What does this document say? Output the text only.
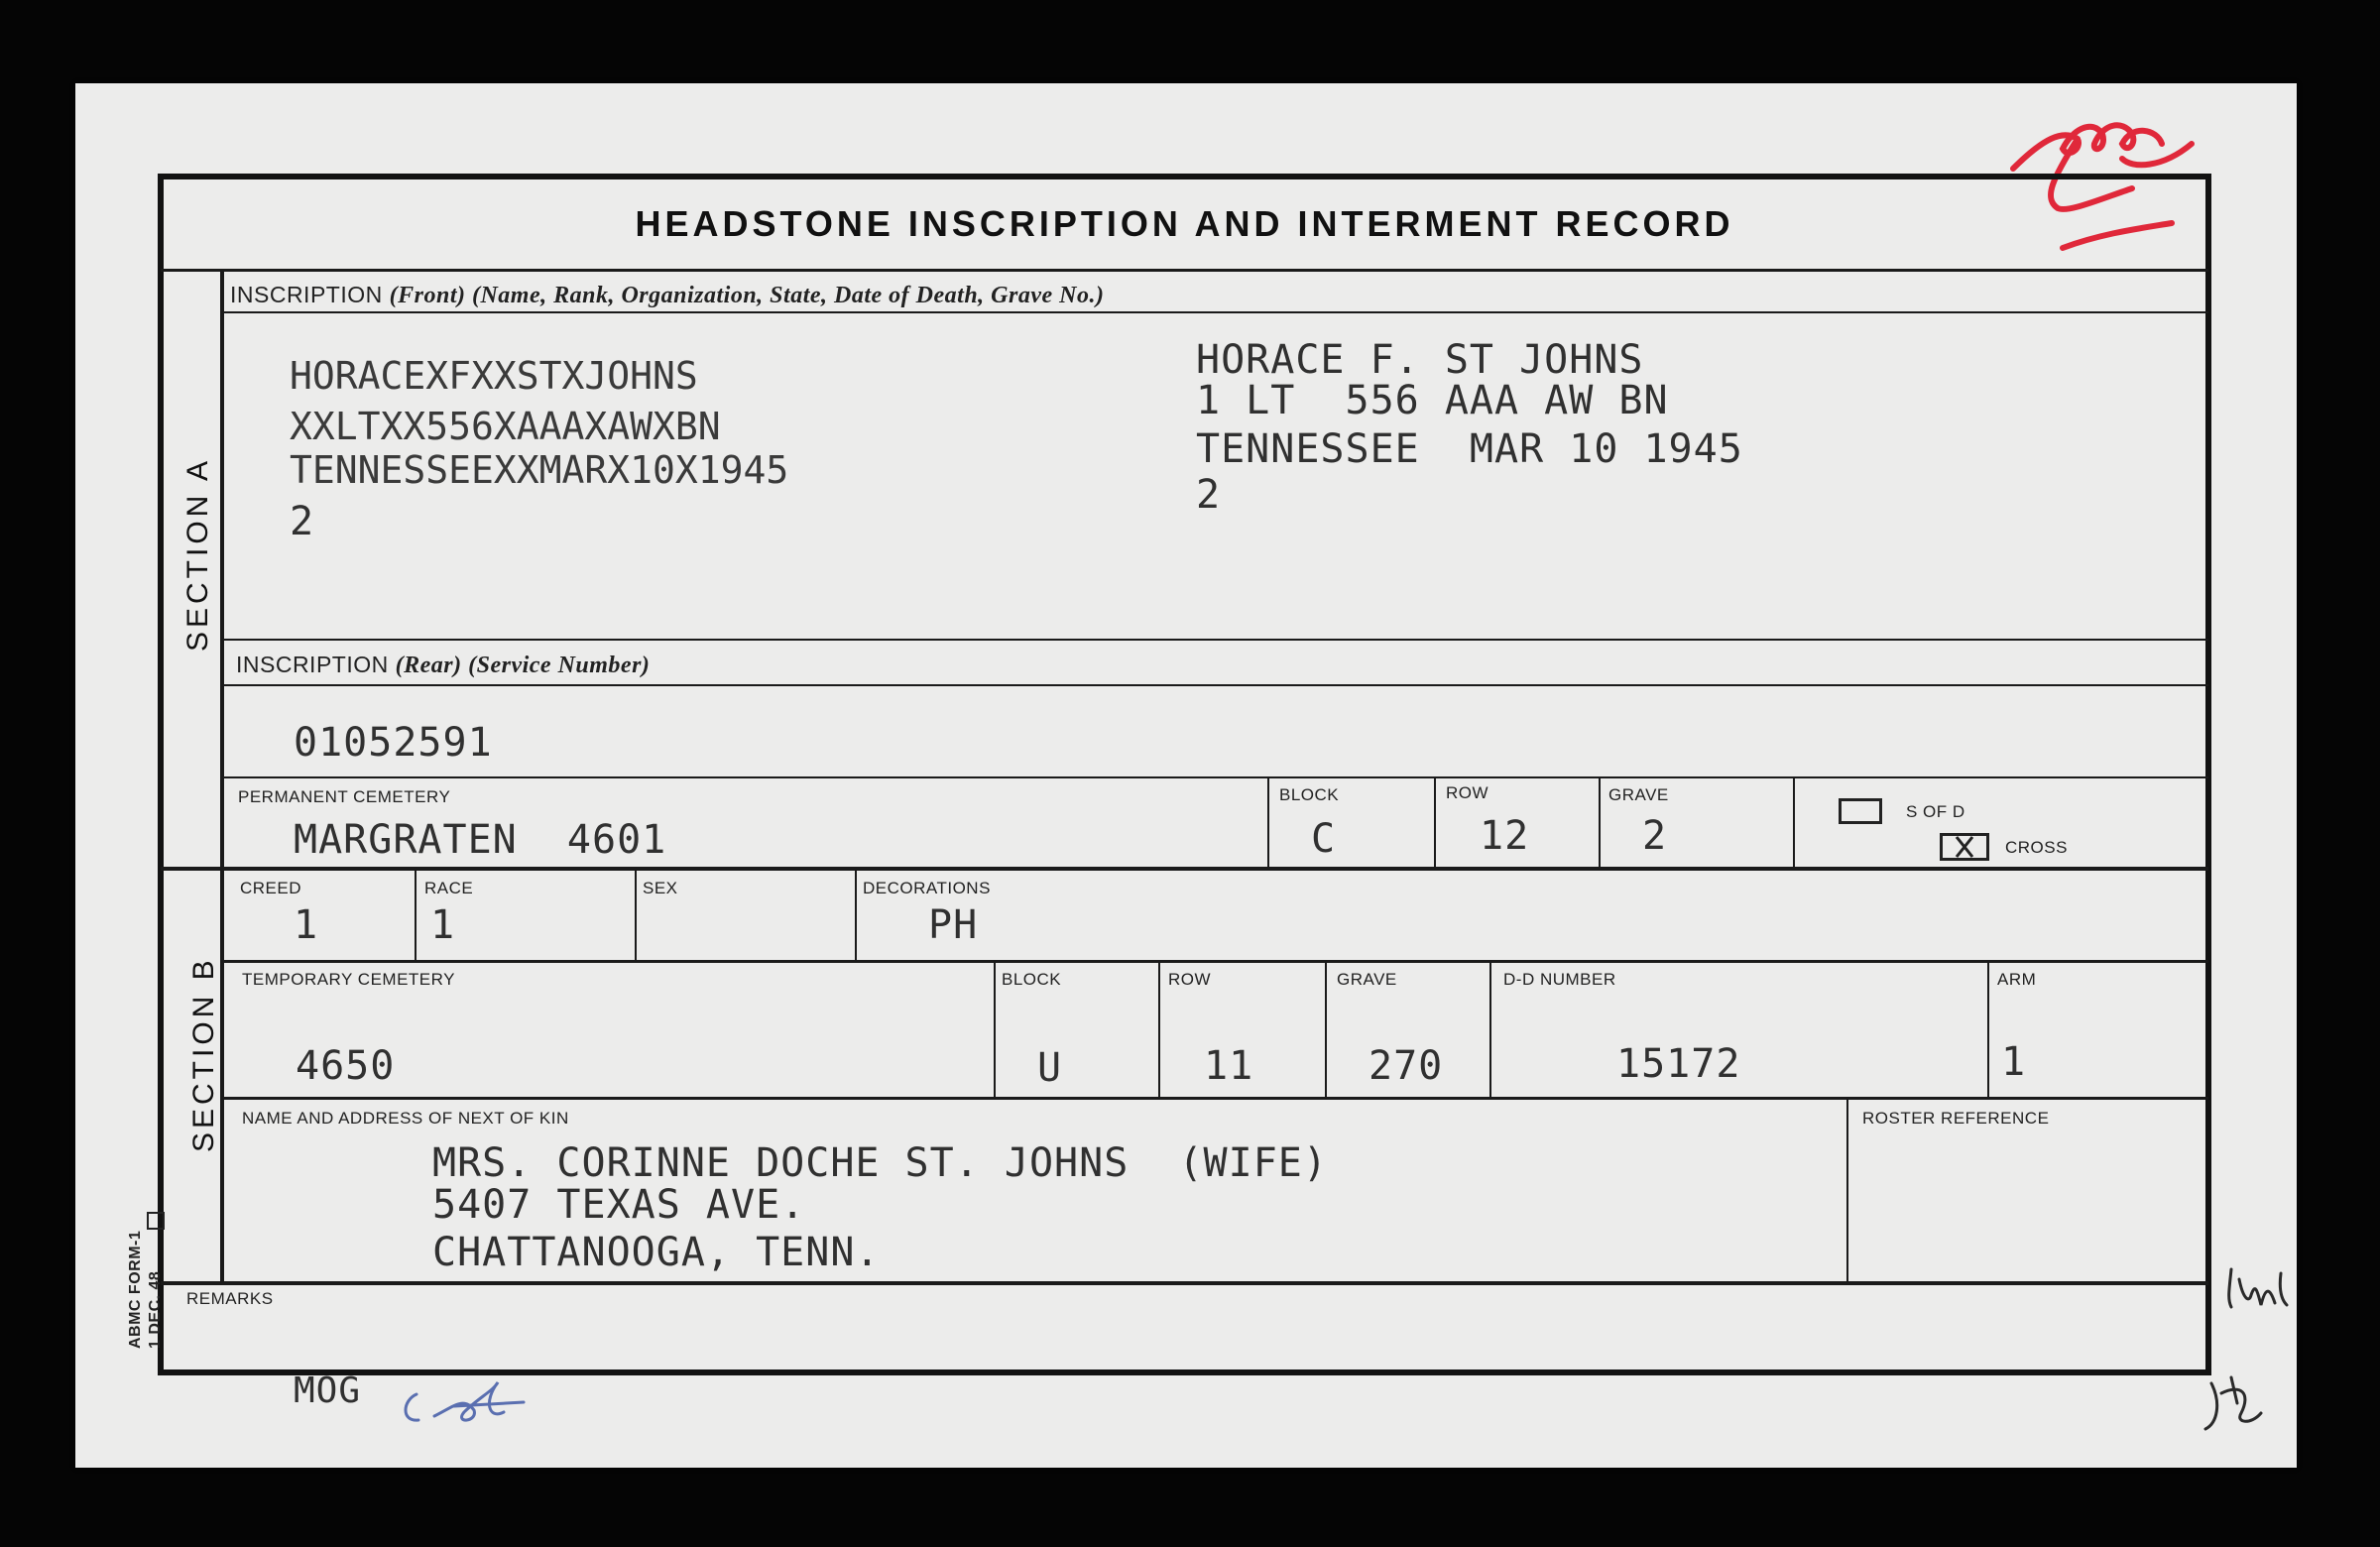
HEADSTONE INSCRIPTION AND INTERMENT RECORD
SECTION A
SECTION B
INSCRIPTION (Front) (Name, Rank, Organization, State, Date of Death, Grave No.)
HORACEXFXXSTXJOHNS
XXLTXX556XAAAXAWXBN
TENNESSEEXXMARX10X1945
2
HORACE F. ST JOHNS
1 LT  556 AAA AW BN
TENNESSEE  MAR 10 1945
2
INSCRIPTION (Rear) (Service Number)
01052591
PERMANENT CEMETERY
MARGRATEN  4601
BLOCK
C
ROW
12
GRAVE
2
S OF D
CROSS
CREED
1
RACE
1
SEX	DECORATIONS
PH
TEMPORARY CEMETERY
4650
BLOCK
U
ROW
11
GRAVE
270
D-D NUMBER
15172
ARM
1
NAME AND ADDRESS OF NEXT OF KIN
MRS. CORINNE DOCHE ST. JOHNS  (WIFE)
5407 TEXAS AVE.
CHATTANOOGA, TENN.
ROSTER REFERENCE
REMARKS
ABMC FORM-1 1 DEC. 48
MOG
